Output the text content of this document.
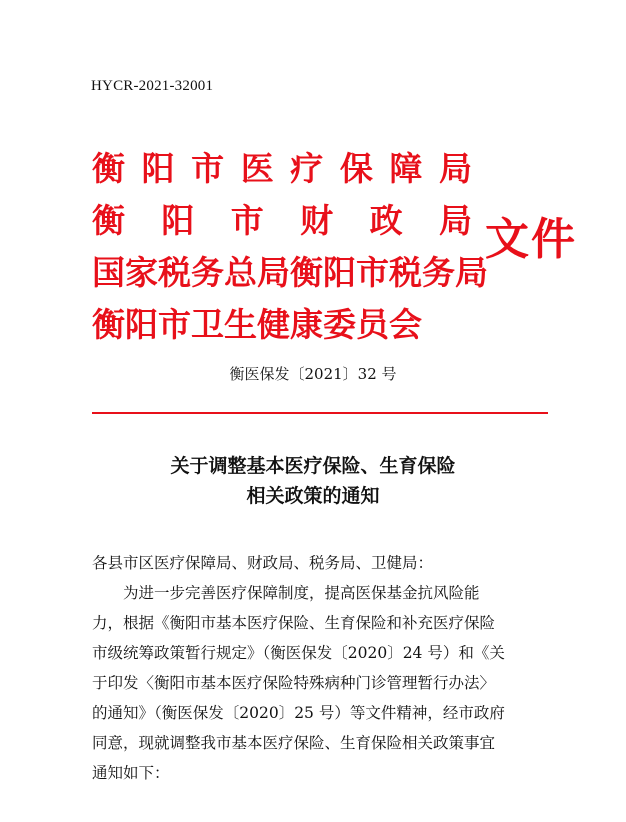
HYCR-2021-32001
衡 阳 市 医 疗 保 障 局
衡 阳 市 财 政 局
国家税务总局衡阳市税务局
衡阳市卫生健康委员会
文件
衡医保发〔2021〕32 号
关于调整基本医疗保险、生育保险
相关政策的通知

各县市区医疗保障局、财政局、税务局、卫健局：

为进一步完善医疗保障制度，提高医保基金抗风险能

力，根据《衡阳市基本医疗保险、生育保险和补充医疗保险

市级统筹政策暂行规定》（衡医保发〔2020〕24 号）和《关

于印发〈衡阳市基本医疗保险特殊病种门诊管理暂行办法〉

的通知》（衡医保发〔2020〕25 号）等文件精神，经市政府

同意，现就调整我市基本医疗保险、生育保险相关政策事宜

通知如下：
